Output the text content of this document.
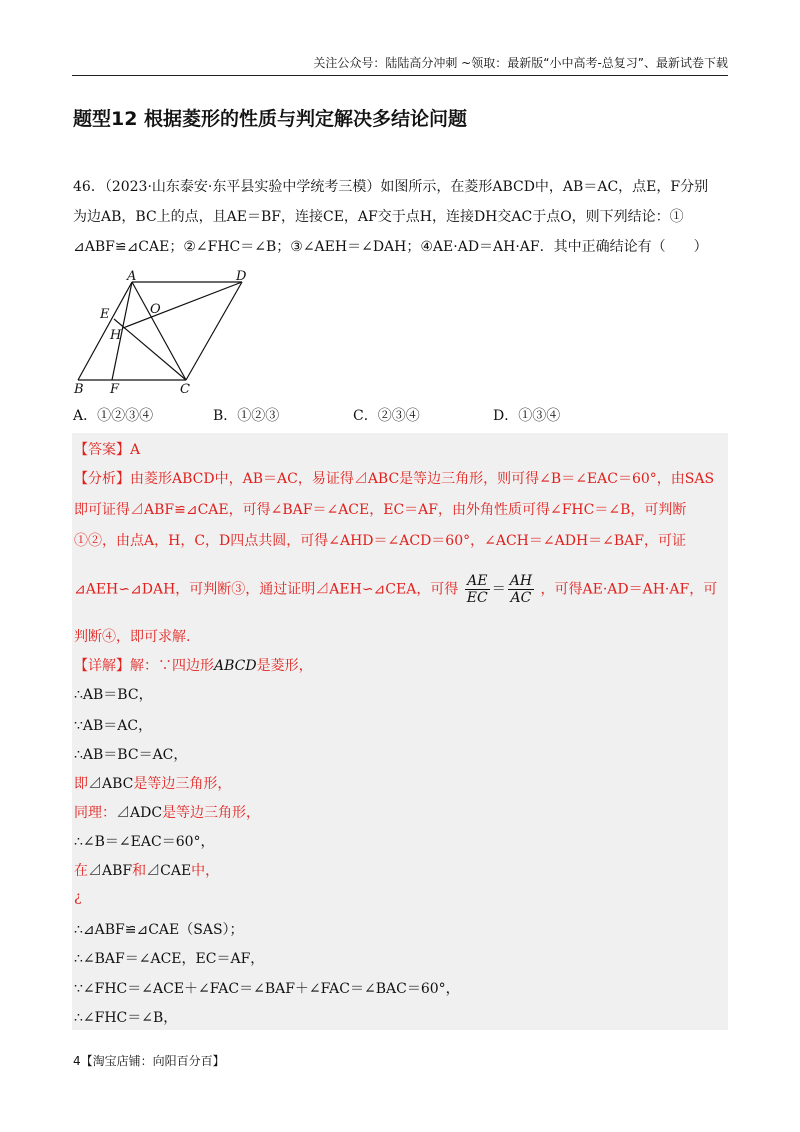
关注公众号：陆陆高分冲刺 ~领取：最新版“小中高考-总复习”、最新试卷下载
题型12 根据菱形的性质与判定解决多结论问题
46．（2023·山东泰安·东平县实验中学统考三模）如图所示，在菱形ABCD中，AB＝AC，点E，F分别
为边AB，BC上的点，且AE＝BF，连接CE，AF交于点H，连接DH交AC于点O，则下列结论：①
⊿ABF≌⊿CAE；②∠FHC＝∠B；③∠AEH＝∠DAH；④AE·AD＝AH·AF．其中正确结论有（　　）
A	D
E	O
H
B F	C
A．①②③④	B．①②③	C．②③④	D．①③④
【答案】A
【分析】由菱形ABCD中，AB＝AC，易证得⊿ABC是等边三角形，则可得∠B＝∠EAC＝60°，由SAS
即可证得⊿ABF≌⊿CAE，可得∠BAF＝∠ACE，EC＝AF，由外角性质可得∠FHC＝∠B，可判断
①②，由点A，H，C，D四点共圆，可得∠AHD＝∠ACD＝60°，∠ACH＝∠ADH＝∠BAF，可证
⊿AEH∽⊿DAH，可判断③，通过证明⊿AEH∽⊿CEA，可得 $\frac{AE}{EC} = \frac{AH}{AC}$ ，可得AE·AD＝AH·AF，可
判断④，即可求解.
【详解】解：∵四边形ABCD是菱形，
∴AB＝BC，
∵AB＝AC，
∴AB＝BC＝AC，
即⊿ABC是等边三角形，
同理：⊿ADC是等边三角形，
∴∠B＝∠EAC＝60°，
在⊿ABF和⊿CAE中，
¿
∴⊿ABF≌⊿CAE（SAS）；
∴∠BAF＝∠ACE，EC＝AF，
∵∠FHC＝∠ACE＋∠FAC＝∠BAF＋∠FAC＝∠BAC＝60°，
∴∠FHC＝∠B，
4【淘宝店铺：向阳百分百】
